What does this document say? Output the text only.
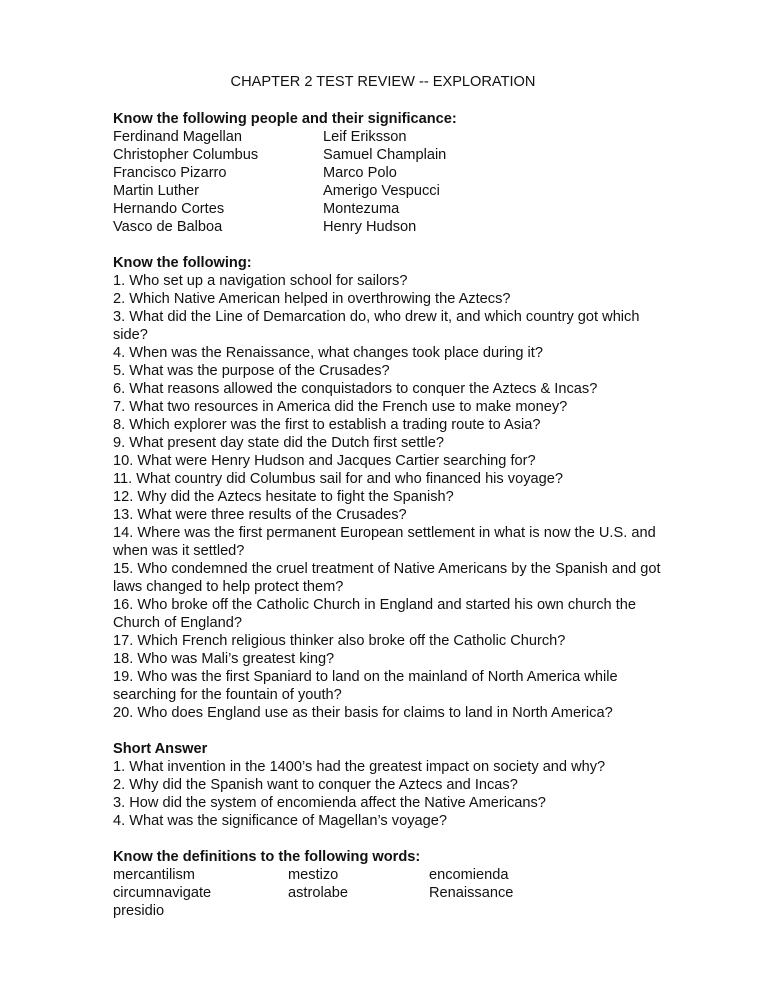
CHAPTER 2 TEST REVIEW -- EXPLORATION
Know the following people and their significance:
Ferdinand Magellan	Leif Eriksson
Christopher Columbus	Samuel Champlain
Francisco Pizarro	Marco Polo
Martin Luther	Amerigo Vespucci
Hernando Cortes	Montezuma
Vasco de Balboa	Henry Hudson
Know the following:
1. Who set up a navigation school for sailors?
2. Which Native American helped in overthrowing the Aztecs?
3. What did the Line of Demarcation do, who drew it, and which country got which side?
4. When was the Renaissance, what changes took place during it?
5. What was the purpose of the Crusades?
6. What reasons allowed the conquistadors to conquer the Aztecs & Incas?
7. What two resources in America did the French use to make money?
8. Which explorer was the first to establish a trading route to Asia?
9. What present day state did the Dutch first settle?
10. What were Henry Hudson and Jacques Cartier searching for?
11. What country did Columbus sail for and who financed his voyage?
12. Why did the Aztecs hesitate to fight the Spanish?
13. What were three results of the Crusades?
14. Where was the first permanent European settlement in what is now the U.S. and when was it settled?
15. Who condemned the cruel treatment of Native Americans by the Spanish and got laws changed to help protect them?
16. Who broke off the Catholic Church in England and started his own church the Church of England?
17. Which French religious thinker also broke off the Catholic Church?
18. Who was Mali’s greatest king?
19. Who was the first Spaniard to land on the mainland of North America while searching for the fountain of youth?
20. Who does England use as their basis for claims to land in North America?
Short Answer
1. What invention in the 1400’s had the greatest impact on society and why?
2. Why did the Spanish want to conquer the Aztecs and Incas?
3. How did the system of encomienda affect the Native Americans?
4. What was the significance of Magellan’s voyage?
Know the definitions to the following words:
mercantilism	mestizo	encomienda
circumnavigate	astrolabe	Renaissance
presidio
